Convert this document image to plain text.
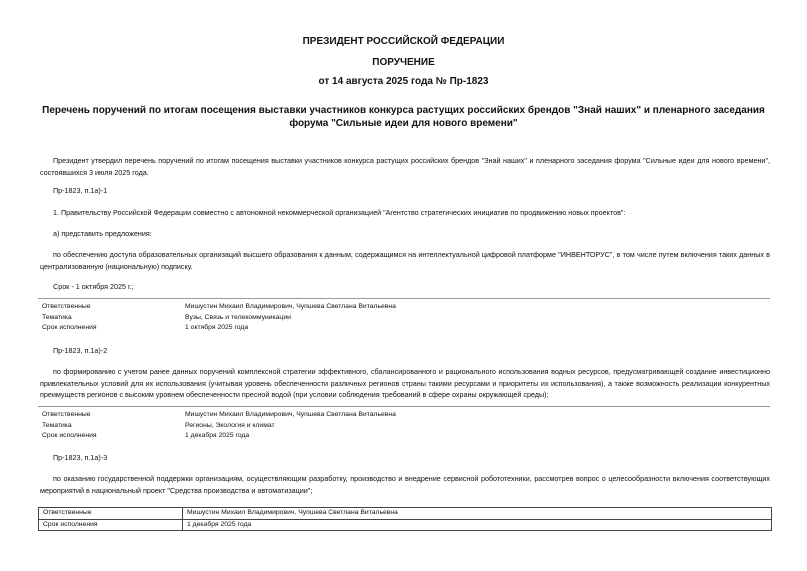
ПРЕЗИДЕНТ РОССИЙСКОЙ ФЕДЕРАЦИИ
ПОРУЧЕНИЕ
от 14 августа 2025 года № Пр-1823
Перечень поручений по итогам посещения выставки участников конкурса растущих российских брендов "Знай наших" и пленарного заседания форума "Сильные идеи для нового времени"
Президент утвердил перечень поручений по итогам посещения выставки участников конкурса растущих российских брендов "Знай наших" и пленарного заседания форума "Сильные идеи для нового времени", состоявшихся 3 июля 2025 года.
Пр-1823, п.1а)-1
1. Правительству Российской Федерации совместно с автономной некоммерческой организацией "Агентство стратегических инициатив по продвижению новых проектов":
а) представить предложения:
по обеспечению доступа образовательных организаций высшего образования к данным, содержащимся на интеллектуальной цифровой платформе "ИНВЕНТОРУС", в том числе путем включения таких данных в централизованную (национальную) подписку.
Срок - 1 октября 2025 г.;
Ответственные	Мишустин Михаил Владимирович, Чупшева Светлана Витальевна
Тематика	Вузы, Связь и телекоммуникации
Срок исполнения	1 октября 2025 года
Пр-1823, п.1а)-2
по формированию с учетом ранее данных поручений комплексной стратегии эффективного, сбалансированного и рационального использования водных ресурсов, предусматривающей создание инвестиционно привлекательных условий для их использования (учитывая уровень обеспеченности различных регионов страны такими ресурсами и приоритеты их использования), а также возможность реализации конкурентных преимуществ регионов с высоким уровнем обеспеченности пресной водой (при условии соблюдения требований в сфере охраны окружающей среды);
Ответственные	Мишустин Михаил Владимирович, Чупшева Светлана Витальевна
Тематика	Регионы, Экология и климат
Срок исполнения	1 декабря 2025 года
Пр-1823, п.1а)-3
по оказанию государственной поддержки организациям, осуществляющим разработку, производство и внедрение сервисной робототехники, рассмотрев вопрос о целесообразности включения соответствующих мероприятий в национальный проект "Средства производства и автоматизации";
Ответственные	Мишустин Михаил Владимирович, Чупшева Светлана Витальевна
Срок исполнения	1 декабря 2025 года
